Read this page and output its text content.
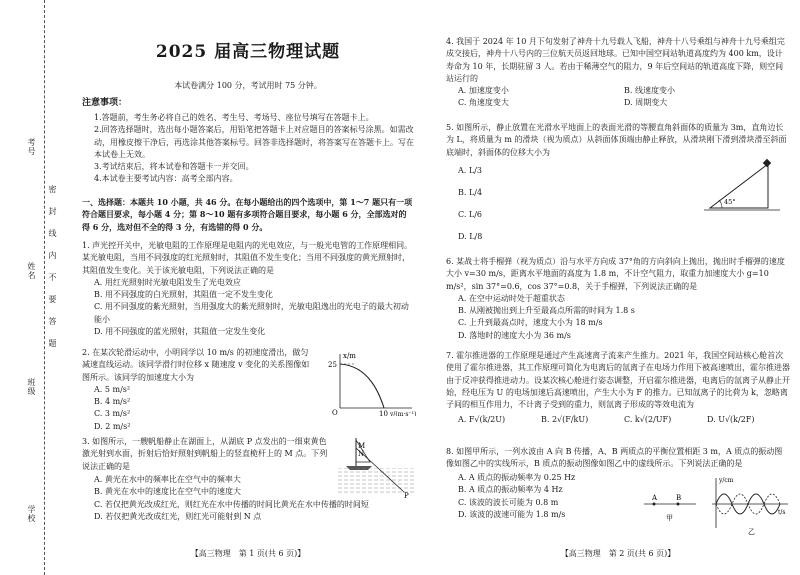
考号
姓名
班级
学校
密封线内不要答题
2025 届高三物理试题
本试卷满分 100 分，考试用时 75 分钟。
注意事项：

1.答题前，考生务必将自己的姓名、考生号、考场号、座位号填写在答题卡上。

2.回答选择题时，选出每小题答案后，用铅笔把答题卡上对应题目的答案标号涂黑。如需改动，用橡皮擦干净后，再选涂其他答案标号。回答非选择题时，将答案写在答题卡上。写在本试卷上无效。

3.考试结束后，将本试卷和答题卡一并交回。

4.本试卷主要考试内容：高考全部内容。

一、选择题：本题共 10 小题，共 46 分。在每小题给出的四个选项中，第 1～7 题只有一项符合题目要求，每小题 4 分；第 8～10 题有多项符合题目要求，每小题 6 分，全部选对的得 6 分，选对但不全的得 3 分，有选错的得 0 分。

1. 声光控开关中，光敏电阻的工作原理是电阻内的光电效应，与一般光电管的工作原理相同。某光敏电阻，当用不同强度的红光照射时，其阻值不发生变化；当用不同强度的黄光照射时，其阻值发生变化。关于该光敏电阻，下列说法正确的是

A. 用红光照射时光敏电阻发生了光电效应

B. 用不同强度的白光照射，其阻值一定不发生变化

C. 用不同强度的紫光照射，当用强度大的紫光照射时，光敏电阻逸出的光电子的最大初动能小

D. 用不同强度的蓝光照射，其阻值一定发生变化

2. 在某次轮滑运动中，小明同学以 10 m/s 的初速度滑出，做匀减速直线运动。该同学滑行时位移 x 随速度 v 变化的关系图像如图所示。该同学的加速度大小为

A. 5 m/s²

B. 4 m/s²

C. 3 m/s²

D. 2 m/s²

x/m
25
10 v/(m·s⁻¹)
O

3. 如图所示，一艘帆船静止在湖面上，从湖底 P 点发出的一细束黄色激光射到水面，折射后恰好照射到帆船上的竖直桅杆上的 M 点。下列说法正确的是

A. 黄光在水中的频率比在空气中的频率大

B. 黄光在水中的速度比在空气中的速度大

C. 若仅把黄光改成红光，则红光在水中传播的时间比黄光在水中传播的时间短

D. 若仅把黄光改成红光，则红光可能射到 N 点

M
N
P
【高三物理　第 1 页(共 6 页)】

4. 我国于 2024 年 10 月下旬发射了神舟十九号载人飞船，神舟十八号乘组与神舟十九号乘组完成交接后，神舟十八号内的三位航天员返回地球。已知中国空间站轨道高度约为 400 km，设计寿命为 10 年，长期驻留 3 人。若由于稀薄空气的阻力，9 年后空间站的轨道高度下降，则空间站运行的

A. 加速度变小	B. 线速度变小
C. 角速度变大	D. 周期变大

5. 如图所示，静止放置在光滑水平地面上的表面光滑的等腰直角斜面体的质量为 3m，直角边长为 L，将质量为 m 的滑块（视为质点）从斜面体顶端由静止释放，从滑块刚下滑到滑块滑至斜面底端时，斜面体的位移大小为

A. L/3

B. L/4

C. L/6

D. L/8

45°

6. 某战士将手榴弹（视为质点）沿与水平方向成 37°角的方向斜向上抛出，抛出时手榴弹的速度大小 v=30 m/s，距离水平地面的高度为 1.8 m，不计空气阻力，取重力加速度大小 g=10 m/s²，sin 37°=0.6，cos 37°=0.8，关于手榴弹，下列说法正确的是

A. 在空中运动时处于超重状态

B. 从刚被抛出到上升至最高点所需的时间为 1.8 s

C. 上升到最高点时，速度大小为 18 m/s

D. 落地时的速度大小为 36 m/s

7. 霍尔推进器的工作原理是通过产生高速离子流来产生推力。2021 年，我国空间站核心舱首次使用了霍尔推进器，其工作原理可简化为电离后的氙离子在电场力作用下被高速喷出，霍尔推进器由于反冲获得推进动力。设某次核心舱进行姿态调整，开启霍尔推进器，电离后的氙离子从静止开始，经电压为 U 的电场加速后高速喷出，产生大小为 F 的推力。已知氙离子的比荷为 k，忽略离子间的相互作用力，不计离子受到的重力，则氙离子形成的等效电流为

A. F√(k/2U)	B. 2√(F/kU)	C. k√(2/UF)	D. U√(k/2F)

8. 如图甲所示，一列水波由 A 向 B 传播，A、B 两质点的平衡位置相距 3 m，A 质点的振动图像如图乙中的实线所示，B 质点的振动图像如图乙中的虚线所示。下列说法正确的是

A. A 质点的振动频率为 0.25 Hz

B. A 质点的振动频率为 4 Hz

C. 该波的波长可能为 0.8 m

D. 该波的波速可能为 1.8 m/s

A	B
甲
y/cm
t/s
乙
【高三物理　第 2 页(共 6 页)】
